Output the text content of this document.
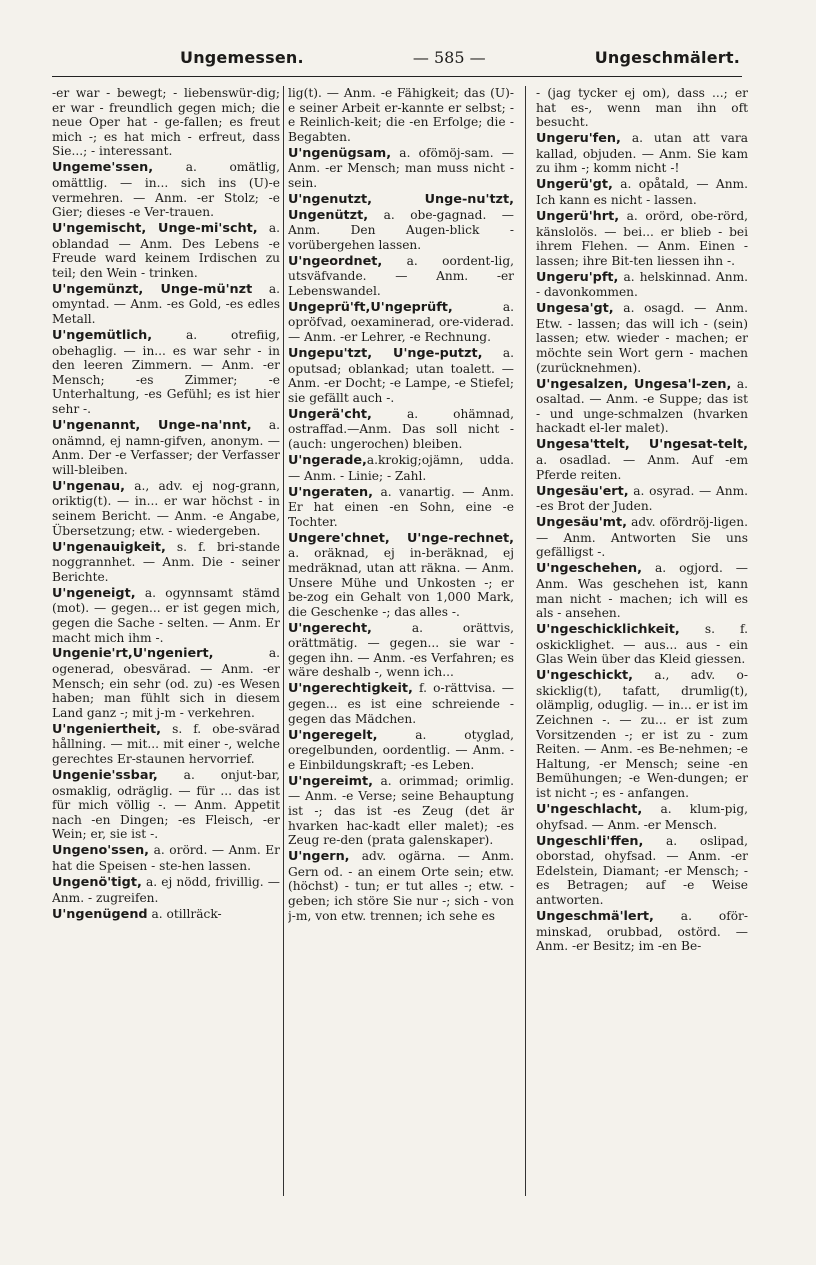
Ungemessen.	— 585 —	Ungeschmälert.

-er war - bewegt; - liebenswür-dig; er war - freundlich gegen mich; die neue Oper hat - ge-fallen; es freut mich -; es hat mich - erfreut, dass Sie...; - interessant.

Ungeme'ssen, a. omätlig, omättlig. — in... sich ins (U)-e vermehren. — Anm. -er Stolz; -e Gier; dieses -e Ver-trauen.

U'ngemischt, Unge-mi'scht, a. oblandad — Anm. Des Lebens -e Freude ward keinem Irdischen zu teil; den Wein - trinken.

U'ngemünzt, Unge-mü'nzt a. omyntad. — Anm. -es Gold, -es edles Metall.

U'ngemütlich, a. otrefiig, obehaglig. — in... es war sehr - in den leeren Zimmern. — Anm. -er Mensch; -es Zimmer; -e Unterhaltung, -es Gefühl; es ist hier sehr -.

U'ngenannt, Unge-na'nnt, a. onämnd, ej namn-gifven, anonym. — Anm. Der -e Verfasser; der Verfasser will-bleiben.

U'ngenau, a., adv. ej nog-grann, oriktig(t). — in... er war höchst - in seinem Bericht. — Anm. -e Angabe, Übersetzung; etw. - wiedergeben.

U'ngenauigkeit, s. f. bri-stande noggrannhet. — Anm. Die - seiner Berichte.

U'ngeneigt, a. ogynnsamt stämd (mot). — gegen... er ist gegen mich, gegen die Sache - selten. — Anm. Er macht mich ihm -.

Ungenie'rt,U'ngeniert, a. ogenerad, obesvärad. — Anm. -er Mensch; ein sehr (od. zu) -es Wesen haben; man fühlt sich in diesem Land ganz -; mit j-m - verkehren.

U'ngeniertheit, s. f. obe-svärad hållning. — mit... mit einer -, welche gerechtes Er-staunen hervorrief.

Ungenie'ssbar, a. onjut-bar, osmaklig, odräglig. — für ... das ist für mich völlig -. — Anm. Appetit nach -en Dingen; -es Fleisch, -er Wein; er, sie ist -.

Ungeno'ssen, a. orörd. — Anm. Er hat die Speisen - ste-hen lassen.

Ungenö'tigt, a. ej nödd, frivillig. — Anm. - zugreifen.

U'ngenügend a. otillräck-

lig(t). — Anm. -e Fähigkeit; das (U)-e seiner Arbeit er-kannte er selbst; -e Reinlich-keit; die -en Erfolge; die - Begabten.

U'ngenügsam, a. ofömöj-sam. — Anm. -er Mensch; man muss nicht - sein.

U'ngenutzt, Unge-nu'tzt, Ungenützt, a. obe-gagnad. — Anm. Den Augen-blick - vorübergehen lassen.

U'ngeordnet, a. oordent-lig, utsväfvande. — Anm. -er Lebenswandel.

Ungeprü'ft,U'ngeprüft, a. opröfvad, oexaminerad, ore-viderad. — Anm. -er Lehrer, -e Rechnung.

Ungepu'tzt, U'nge-putzt, a. oputsad; oblankad; utan toalett. — Anm. -er Docht; -e Lampe, -e Stiefel; sie gefällt auch -.

Ungerä'cht, a. ohämnad, ostraffad.—Anm. Das soll nicht - (auch: ungerochen) bleiben.

U'ngerade,a.krokig;ojämn, udda. — Anm. - Linie; - Zahl.

U'ngeraten, a. vanartig. — Anm. Er hat einen -en Sohn, eine -e Tochter.

Ungere'chnet, U'nge-rechnet, a. oräknad, ej in-beräknad, ej medräknad, utan att räkna. — Anm. Unsere Mühe und Unkosten -; er be-zog ein Gehalt von 1,000 Mark, die Geschenke -; das alles -.

U'ngerecht, a. orättvis, orättmätig. — gegen... sie war - gegen ihn. — Anm. -es Verfahren; es wäre deshalb -, wenn ich...

U'ngerechtigkeit, f. o-rättvisa. — gegen... es ist eine schreiende - gegen das Mädchen.

U'ngeregelt, a. otyglad, oregelbunden, oordentlig. — Anm. -e Einbildungskraft; -es Leben.

U'ngereimt, a. orimmad; orimlig. — Anm. -e Verse; seine Behauptung ist -; das ist -es Zeug (det är hvarken hac-kadt eller malet); -es Zeug re-den (prata galenskaper).

U'ngern, adv. ogärna. — Anm. Gern od. - an einem Orte sein; etw. (höchst) - tun; er tut alles -; etw. - geben; ich störe Sie nur -; sich - von j-m, von etw. trennen; ich sehe es

- (jag tycker ej om), dass ...; er hat es-, wenn man ihn oft besucht.

Ungeru'fen, a. utan att vara kallad, objuden. — Anm. Sie kam zu ihm -; komm nicht -!

Ungerü'gt, a. opåtald, — Anm. Ich kann es nicht - lassen.

Ungerü'hrt, a. orörd, obe-rörd, känslolös. — bei... er blieb - bei ihrem Flehen. — Anm. Einen - lassen; ihre Bit-ten liessen ihn -.

Ungeru'pft, a. helskinnad. Anm. - davonkommen.

Ungesa'gt, a. osagd. — Anm. Etw. - lassen; das will ich - (sein) lassen; etw. wieder - machen; er möchte sein Wort gern - machen (zurücknehmen).

U'ngesalzen, Ungesa'l-zen, a. osaltad. — Anm. -e Suppe; das ist - und unge-schmalzen (hvarken hackadt el-ler malet).

Ungesa'ttelt, U'ngesat-telt, a. osadlad. — Anm. Auf -em Pferde reiten.

Ungesäu'ert, a. osyrad. — Anm. -es Brot der Juden.

Ungesäu'mt, adv. ofördröj-ligen. — Anm. Antworten Sie uns gefälligst -.

U'ngeschehen, a. ogjord. — Anm. Was geschehen ist, kann man nicht - machen; ich will es als - ansehen.

U'ngeschicklichkeit, s. f. oskicklighet. — aus... aus - ein Glas Wein über das Kleid giessen.

U'ngeschickt, a., adv. o-skicklig(t), tafatt, drumlig(t), olämplig, oduglig. — in... er ist im Zeichnen -. — zu... er ist zum Vorsitzenden -; er ist zu - zum Reiten. — Anm. -es Be-nehmen; -e Haltung, -er Mensch; seine -en Bemühungen; -e Wen-dungen; er ist nicht -; es - anfangen.

U'ngeschlacht, a. klum-pig, ohyfsad. — Anm. -er Mensch.

Ungeschli'ffen, a. oslipad, oborstad, ohyfsad. — Anm. -er Edelstein, Diamant; -er Mensch; -es Betragen; auf -e Weise antworten.

Ungeschmä'lert, a. oför-minskad, orubbad, ostörd. — Anm. -er Besitz; im -en Be-
